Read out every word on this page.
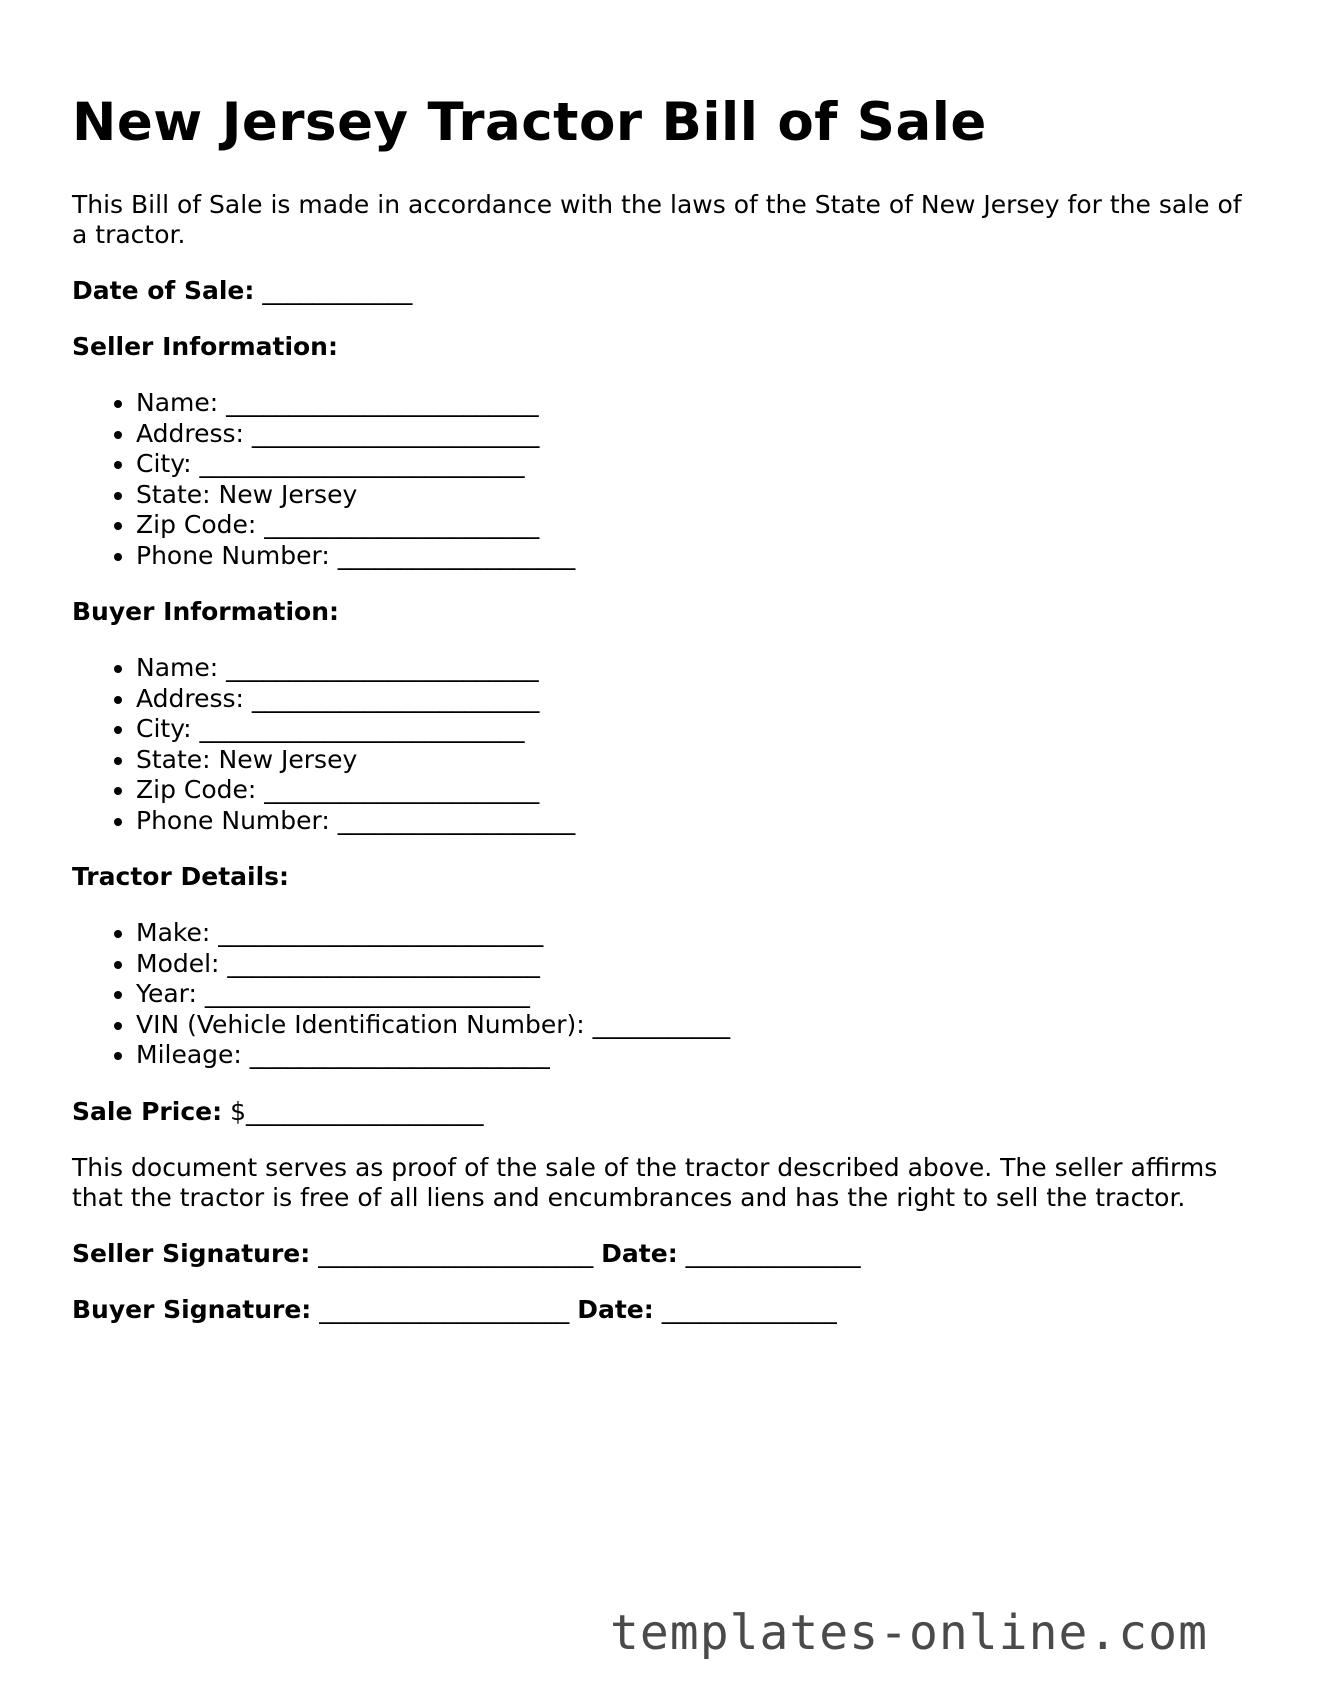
New Jersey Tractor Bill of Sale

This Bill of Sale is made in accordance with the laws of the State of New Jersey for the sale of a tractor.

Date of Sale: ____________

Seller Information:

• Name: _________________________
• Address: _______________________
• City: __________________________
• State: New Jersey
• Zip Code: ______________________
• Phone Number: ___________________

Buyer Information:

• Name: _________________________
• Address: _______________________
• City: __________________________
• State: New Jersey
• Zip Code: ______________________
• Phone Number: ___________________

Tractor Details:

• Make: __________________________
• Model: _________________________
• Year: __________________________
• VIN (Vehicle Identification Number): ___________
• Mileage: ________________________

Sale Price: $___________________

This document serves as proof of the sale of the tractor described above. The seller affirms that the tractor is free of all liens and encumbrances and has the right to sell the tractor.

Seller Signature: ______________________ Date: ______________

Buyer Signature: ____________________ Date: ______________

templates-online.com
